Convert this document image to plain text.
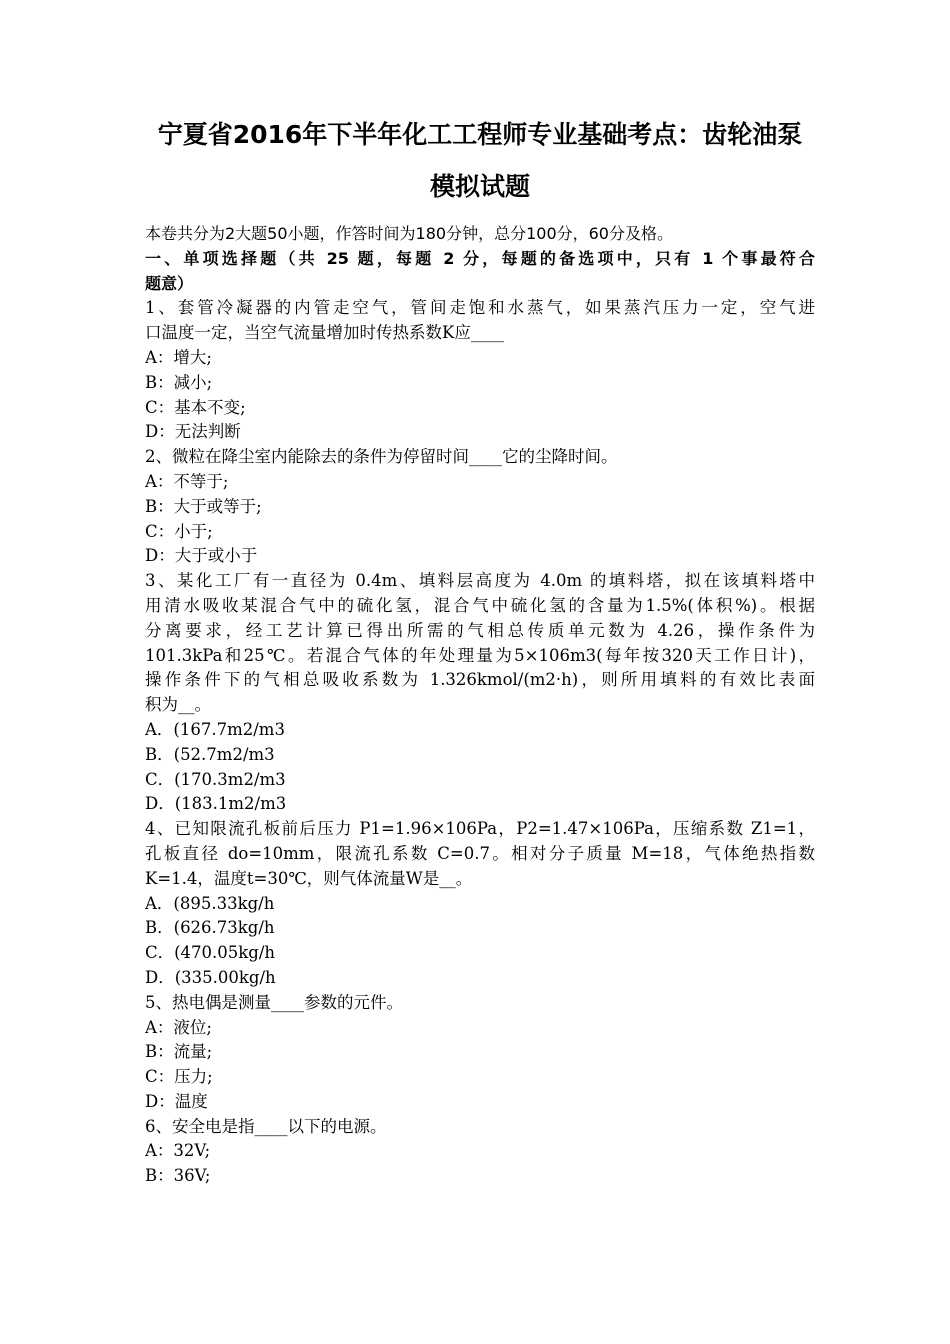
宁夏省2016年下半年化工工程师专业基础考点：齿轮油泵
模拟试题
本卷共分为2大题50小题，作答时间为180分钟，总分100分，60分及格。
一、单项选择题（共 25 题，每题 2 分，每题的备选项中，只有 1 个事最符合
题意）
1、套管冷凝器的内管走空气，管间走饱和水蒸气，如果蒸汽压力一定，空气进
口温度一定，当空气流量增加时传热系数K应____
A：增大;
B：减小;
C：基本不变;
D：无法判断
2、微粒在降尘室内能除去的条件为停留时间____它的尘降时间。
A：不等于;
B：大于或等于;
C：小于;
D：大于或小于
3、某化工厂有一直径为 0.4m、填料层高度为 4.0m 的填料塔，拟在该填料塔中
用清水吸收某混合气中的硫化氢，混合气中硫化氢的含量为1.5%(体积%)。根据
分离要求，经工艺计算已得出所需的气相总传质单元数为 4.26，操作条件为
101.3kPa和25℃。若混合气体的年处理量为5×106m3(每年按320天工作日计)，
操作条件下的气相总吸收系数为 1.326kmol/(m2·h)，则所用填料的有效比表面
积为__。
A．(167.7m2/m3
B．(52.7m2/m3
C．(170.3m2/m3
D．(183.1m2/m3
4、已知限流孔板前后压力 P1=1.96×106Pa，P2=1.47×106Pa，压缩系数 Z1=1，
孔板直径 do=10mm，限流孔系数 C=0.7。相对分子质量 M=18，气体绝热指数
K=1.4，温度t=30℃，则气体流量W是__。
A．(895.33kg/h
B．(626.73kg/h
C．(470.05kg/h
D．(335.00kg/h
5、热电偶是测量____参数的元件。
A：液位;
B：流量;
C：压力;
D：温度
6、安全电是指____以下的电源。
A：32V;
B：36V;
